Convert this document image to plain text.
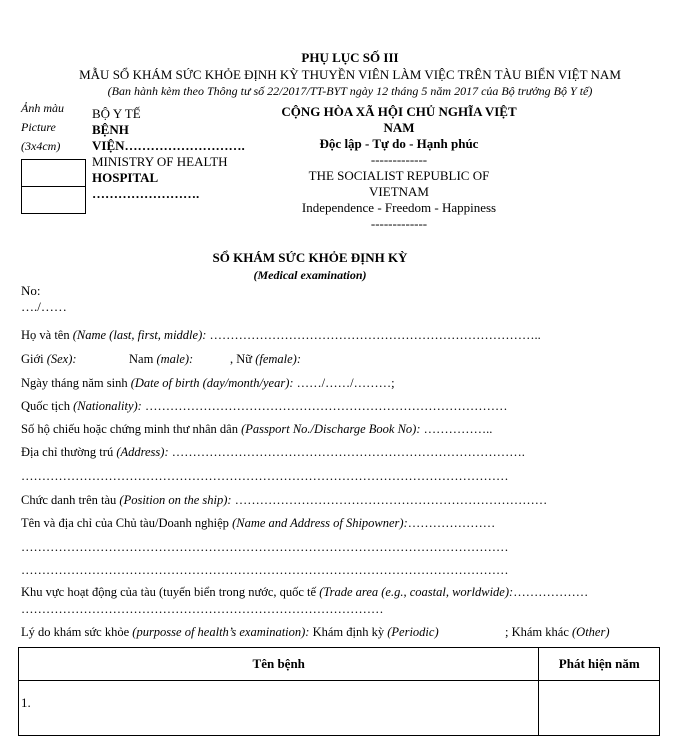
PHỤ LỤC SỐ III
MẪU SỔ KHÁM SỨC KHỎE ĐỊNH KỲ THUYỀN VIÊN LÀM VIỆC TRÊN TÀU BIỂN VIỆT NAM
(Ban hành kèm theo Thông tư số 22/2017/TT-BYT ngày 12 tháng 5 năm 2017 của Bộ trưởng Bộ Y tế)
Ảnh màu
Picture
(3x4cm)
BỘ Y TẾ
BỆNH
VIỆN……………………….
MINISTRY OF HEALTH
HOSPITAL
…………………….
CỘNG HÒA XÃ HỘI CHỦ NGHĨA VIỆT
NAM
Độc lập - Tự do - Hạnh phúc
-------------
THE SOCIALIST REPUBLIC OF
VIETNAM
Independence - Freedom - Happiness
-------------
SỔ KHÁM SỨC KHỎE ĐỊNH KỲ
(Medical examination)
No:
…./……
Họ và tên (Name (last, first, middle): ……………………………………………………………………..
Giới (Sex):	Nam (male):	, Nữ (female):
Ngày tháng năm sinh (Date of birth (day/month/year): ……/……/………;
Quốc tịch (Nationality): ……………………………………………………………………………
Số hộ chiếu hoặc chứng minh thư nhân dân (Passport No./Discharge Book No): ……………..
Địa chỉ thường trú (Address): ………………………………………………………………………….
………………………………………………………………………………………………………
Chức danh trên tàu (Position on the ship): …………………………………………………………………
Tên và địa chỉ của Chủ tàu/Doanh nghiệp (Name and Address of Shipowner):…………………
………………………………………………………………………………………………………
………………………………………………………………………………………………………
Khu vực hoạt động của tàu (tuyến biển trong nước, quốc tế (Trade area (e.g., coastal, worldwide):………………
……………………………………………………………………………
Lý do khám sức khỏe (purposse of health’s examination): Khám định kỳ (Periodic)	; Khám khác (Other)
Tên bệnh	Phát hiện năm
1.	
